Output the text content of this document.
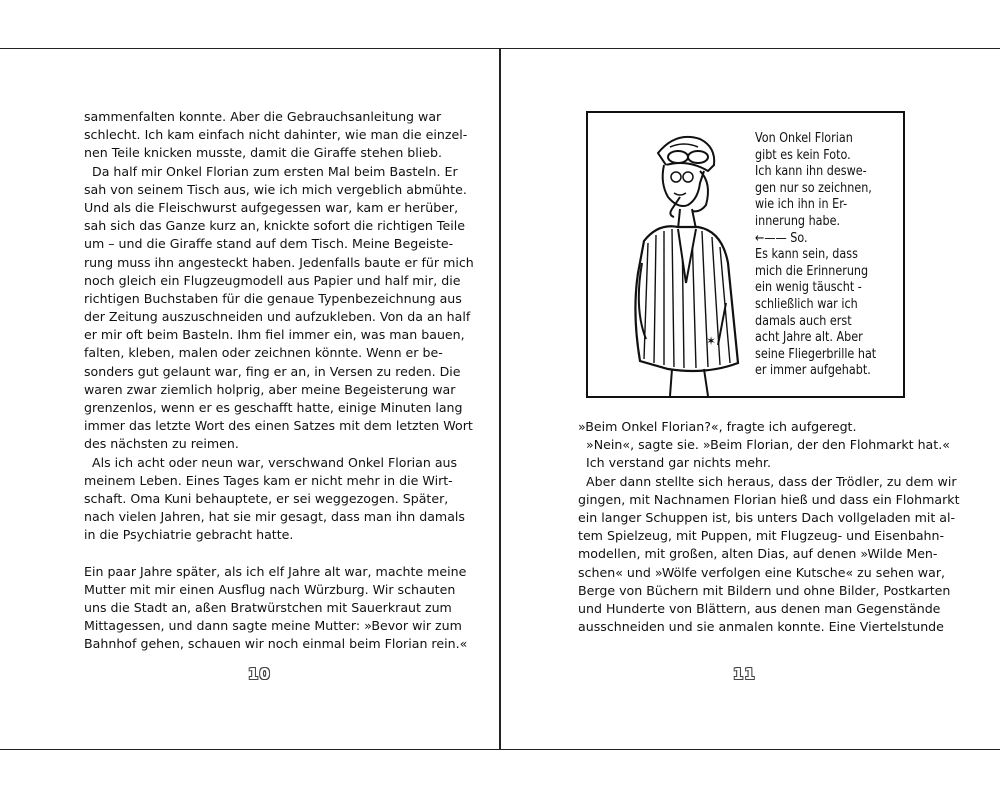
sammenfalten konnte. Aber die Gebrauchsanleitung war
schlecht. Ich kam einfach nicht dahinter, wie man die einzel-
nen Teile knicken musste, damit die Giraffe stehen blieb.
Da half mir Onkel Florian zum ersten Mal beim Basteln. Er
sah von seinem Tisch aus, wie ich mich vergeblich abmühte.
Und als die Fleischwurst aufgegessen war, kam er herüber,
sah sich das Ganze kurz an, knickte sofort die richtigen Teile
um – und die Giraffe stand auf dem Tisch. Meine Begeiste-
rung muss ihn angesteckt haben. Jedenfalls baute er für mich
noch gleich ein Flugzeugmodell aus Papier und half mir, die
richtigen Buchstaben für die genaue Typenbezeichnung aus
der Zeitung auszuschneiden und aufzukleben. Von da an half
er mir oft beim Basteln. Ihm fiel immer ein, was man bauen,
falten, kleben, malen oder zeichnen könnte. Wenn er be-
sonders gut gelaunt war, fing er an, in Versen zu reden. Die
waren zwar ziemlich holprig, aber meine Begeisterung war
grenzenlos, wenn er es geschafft hatte, einige Minuten lang
immer das letzte Wort des einen Satzes mit dem letzten Wort
des nächsten zu reimen.
Als ich acht oder neun war, verschwand Onkel Florian aus
meinem Leben. Eines Tages kam er nicht mehr in die Wirt-
schaft. Oma Kuni behauptete, er sei weggezogen. Später,
nach vielen Jahren, hat sie mir gesagt, dass man ihn damals
in die Psychiatrie gebracht hatte.
Ein paar Jahre später, als ich elf Jahre alt war, machte meine
Mutter mit mir einen Ausflug nach Würzburg. Wir schauten
uns die Stadt an, aßen Bratwürstchen mit Sauerkraut zum
Mittagessen, und dann sagte meine Mutter: »Bevor wir zum
Bahnhof gehen, schauen wir noch einmal beim Florian rein.«
10
✶
Von Onkel Florian
gibt es kein Foto.
Ich kann ihn deswe-
gen nur so zeichnen,
wie ich ihn in Er-
innerung habe.
←—— So.
Es kann sein, dass
mich die Erinnerung
ein wenig täuscht -
schließlich war ich
damals auch erst
acht Jahre alt. Aber
seine Fliegerbrille hat
er immer aufgehabt.
»Beim Onkel Florian?«, fragte ich aufgeregt.
»Nein«, sagte sie. »Beim Florian, der den Flohmarkt hat.«
Ich verstand gar nichts mehr.
Aber dann stellte sich heraus, dass der Trödler, zu dem wir
gingen, mit Nachnamen Florian hieß und dass ein Flohmarkt
ein langer Schuppen ist, bis unters Dach vollgeladen mit al-
tem Spielzeug, mit Puppen, mit Flugzeug- und Eisenbahn-
modellen, mit großen, alten Dias, auf denen »Wilde Men-
schen« und »Wölfe verfolgen eine Kutsche« zu sehen war,
Berge von Büchern mit Bildern und ohne Bilder, Postkarten
und Hunderte von Blättern, aus denen man Gegenstände
ausschneiden und sie anmalen konnte. Eine Viertelstunde
11
